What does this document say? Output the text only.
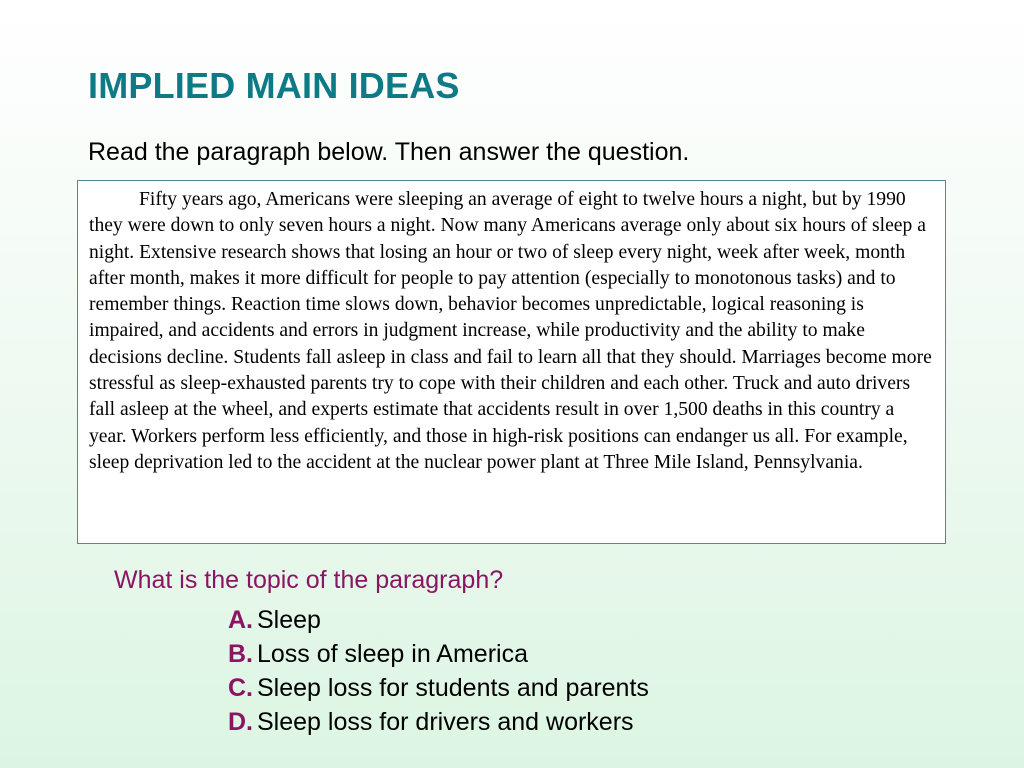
IMPLIED MAIN IDEAS

Read the paragraph below. Then answer the question.

Fifty years ago, Americans were sleeping an average of eight to twelve hours a night, but by 1990 they were down to only seven hours a night. Now many Americans average only about six hours of sleep a night. Extensive research shows that losing an hour or two of sleep every night, week after week, month after month, makes it more difficult for people to pay attention (especially to monotonous tasks) and to remember things. Reaction time slows down, behavior becomes unpredictable, logical reasoning is impaired, and accidents and errors in judgment increase, while productivity and the ability to make decisions decline. Students fall asleep in class and fail to learn all that they should. Marriages become more stressful as sleep-exhausted parents try to cope with their children and each other. Truck and auto drivers fall asleep at the wheel, and experts estimate that accidents result in over 1,500 deaths in this country a year. Workers perform less efficiently, and those in high-risk positions can endanger us all. For example, sleep deprivation led to the accident at the nuclear power plant at Three Mile Island, Pennsylvania.

What is the topic of the paragraph?

A. Sleep
B. Loss of sleep in America
C. Sleep loss for students and parents
D. Sleep loss for drivers and workers
